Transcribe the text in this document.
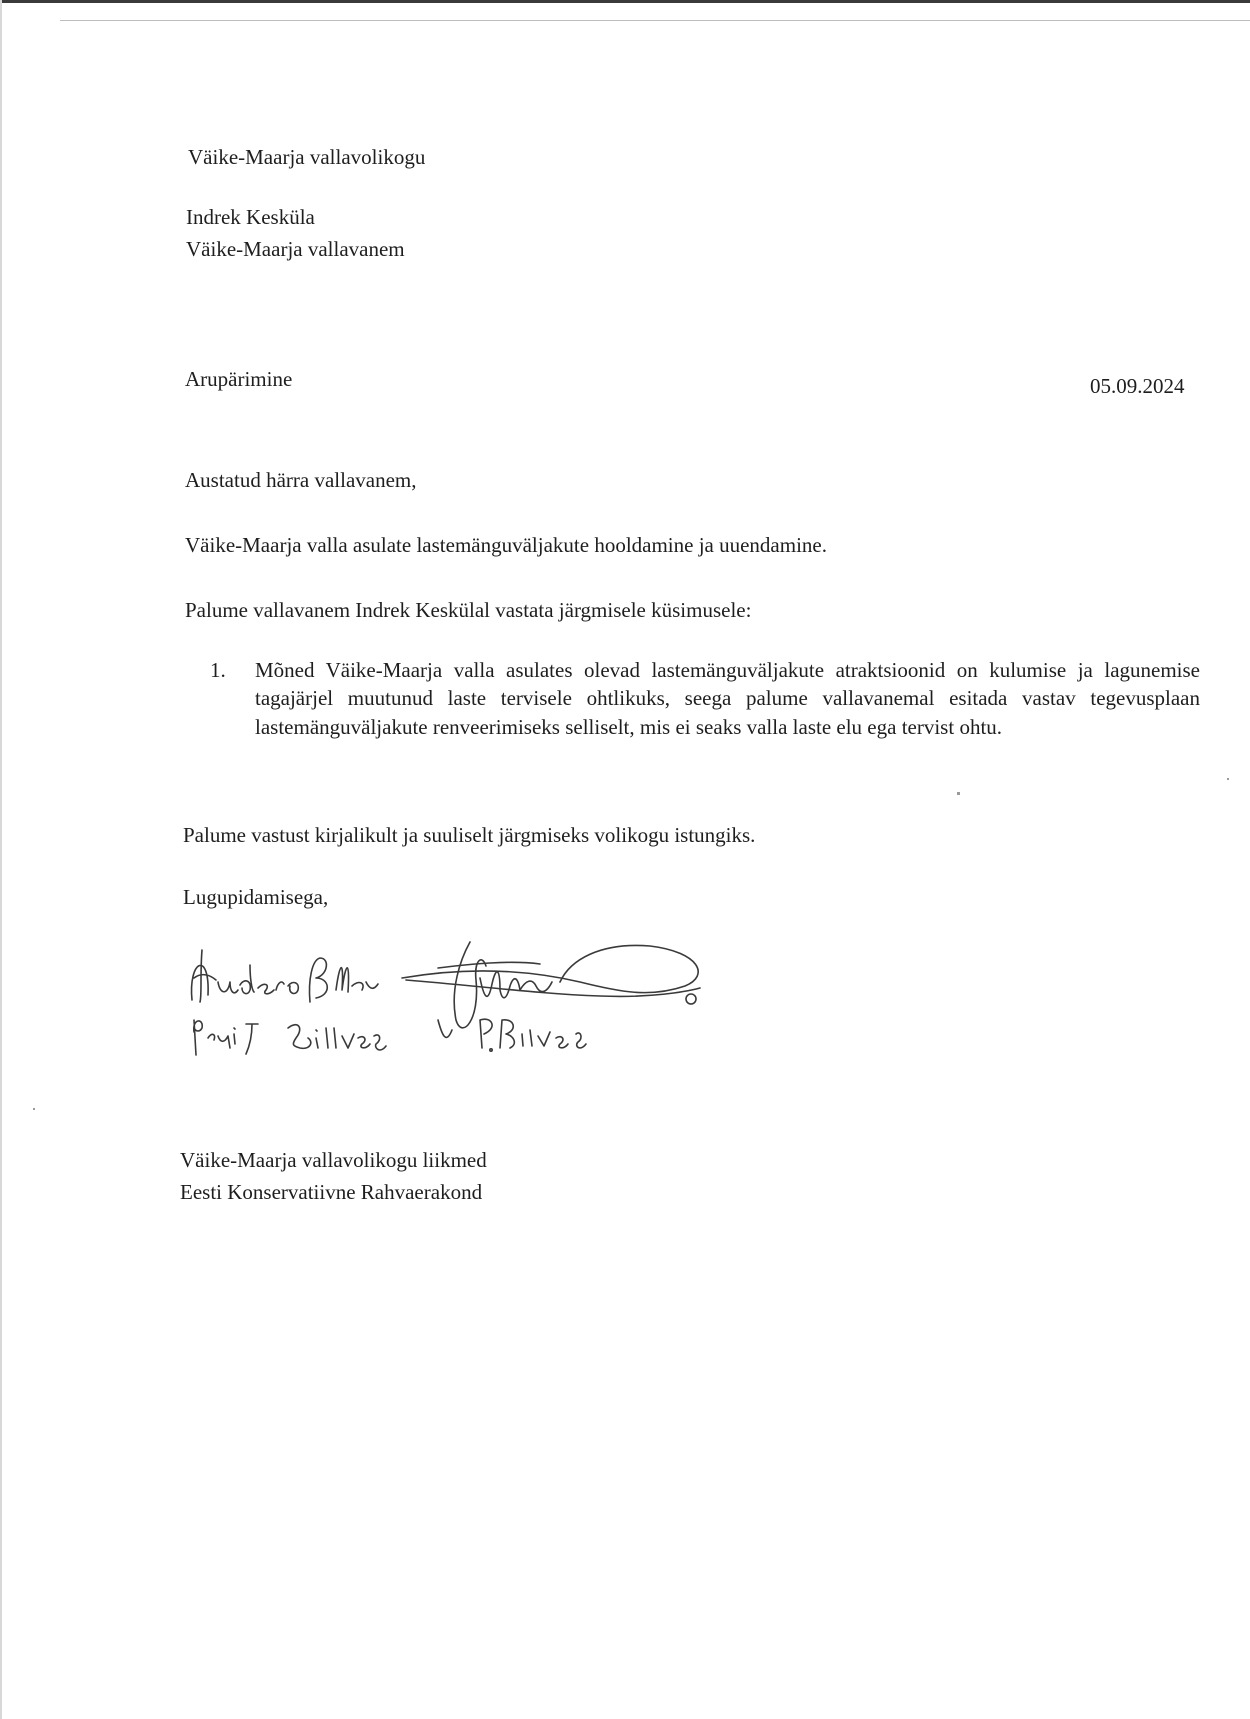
Väike-Maarja vallavolikogu
Indrek Kesküla
Väike-Maarja vallavanem
Arupärimine	05.09.2024
Austatud härra vallavanem,
Väike-Maarja valla asulate lastemänguväljakute hooldamine ja uuendamine.
Palume vallavanem Indrek Keskülal vastata järgmisele küsimusele:
1. Mõned Väike-Maarja valla asulates olevad lastemänguväljakute atraktsioonid on kulumise ja lagunemise tagajärjel muutunud laste tervisele ohtlikuks, seega palume vallavanemal esitada vastav tegevusplaan lastemänguväljakute renveerimiseks selliselt, mis ei seaks valla laste elu ega tervist ohtu.
Palume vastust kirjalikult ja suuliselt järgmiseks volikogu istungiks.
Lugupidamisega,
Väike-Maarja vallavolikogu liikmed
Eesti Konservatiivne Rahvaerakond
